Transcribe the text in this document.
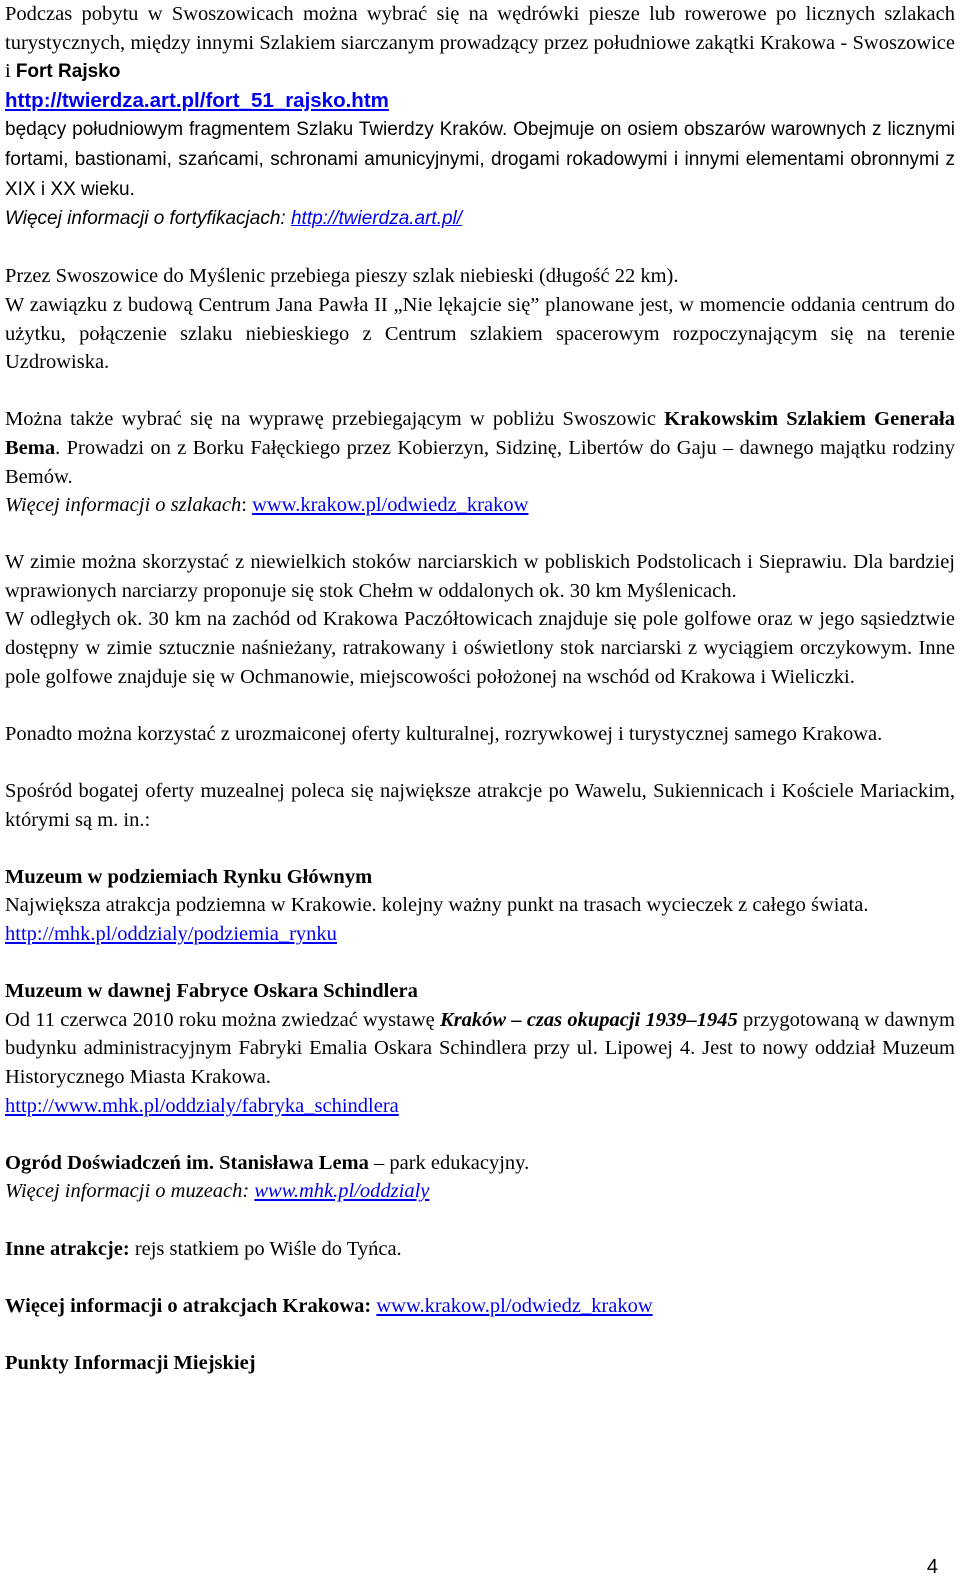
Podczas pobytu w Swoszowicach można wybrać się na wędrówki piesze lub rowerowe po licznych szlakach turystycznych, między innymi Szlakiem siarczanym prowadzący przez południowe zakątki Krakowa - Swoszowice i Fort Rajsko
http://twierdza.art.pl/fort_51_rajsko.htm
będący południowym fragmentem Szlaku Twierdzy Kraków. Obejmuje on osiem obszarów warownych z licznymi fortami, bastionami, szańcami, schronami amunicyjnymi, drogami rokadowymi i innymi elementami obronnymi z XIX i XX wieku.
Więcej informacji o fortyfikacjach: http://twierdza.art.pl/

Przez Swoszowice do Myślenic przebiega pieszy szlak niebieski (długość 22 km).
W zawiązku z budową Centrum Jana Pawła II „Nie lękajcie się” planowane jest, w momencie oddania centrum do użytku, połączenie szlaku niebieskiego z Centrum szlakiem spacerowym rozpoczynającym się na terenie Uzdrowiska.

Można także wybrać się na wyprawę przebiegającym w pobliżu Swoszowic Krakowskim Szlakiem Generała Bema. Prowadzi on z Borku Fałęckiego przez Kobierzyn, Sidzinę, Libertów do Gaju – dawnego majątku rodziny Bemów.
Więcej informacji o szlakach: www.krakow.pl/odwiedz_krakow

W zimie można skorzystać z niewielkich stoków narciarskich w pobliskich Podstolicach i Sieprawiu. Dla bardziej wprawionych narciarzy proponuje się stok Chełm w oddalonych ok. 30 km Myślenicach.
W odległych ok. 30 km na zachód od Krakowa Paczółtowicach znajduje się pole golfowe oraz w jego sąsiedztwie dostępny w zimie sztucznie naśnieżany, ratrakowany i oświetlony stok narciarski z wyciągiem orczykowym. Inne pole golfowe znajduje się w Ochmanowie, miejscowości położonej na wschód od Krakowa i Wieliczki.

Ponadto można korzystać z urozmaiconej oferty kulturalnej, rozrywkowej i turystycznej samego Krakowa.

Spośród bogatej oferty muzealnej poleca się największe atrakcje po Wawelu, Sukiennicach i Kościele Mariackim, którymi są m. in.:

Muzeum w podziemiach Rynku Głównym
Największa atrakcja podziemna w Krakowie. kolejny ważny punkt na trasach wycieczek z całego świata.
http://mhk.pl/oddzialy/podziemia_rynku

Muzeum w dawnej Fabryce Oskara Schindlera
Od 11 czerwca 2010 roku można zwiedzać wystawę Kraków – czas okupacji 1939–1945 przygotowaną w dawnym budynku administracyjnym Fabryki Emalia Oskara Schindlera przy ul. Lipowej 4. Jest to nowy oddział Muzeum Historycznego Miasta Krakowa.
http://www.mhk.pl/oddzialy/fabryka_schindlera

Ogród Doświadczeń im. Stanisława Lema – park edukacyjny.
Więcej informacji o muzeach: www.mhk.pl/oddzialy

Inne atrakcje: rejs statkiem po Wiśle do Tyńca.

Więcej informacji o atrakcjach Krakowa: www.krakow.pl/odwiedz_krakow

Punkty Informacji Miejskiej

4
